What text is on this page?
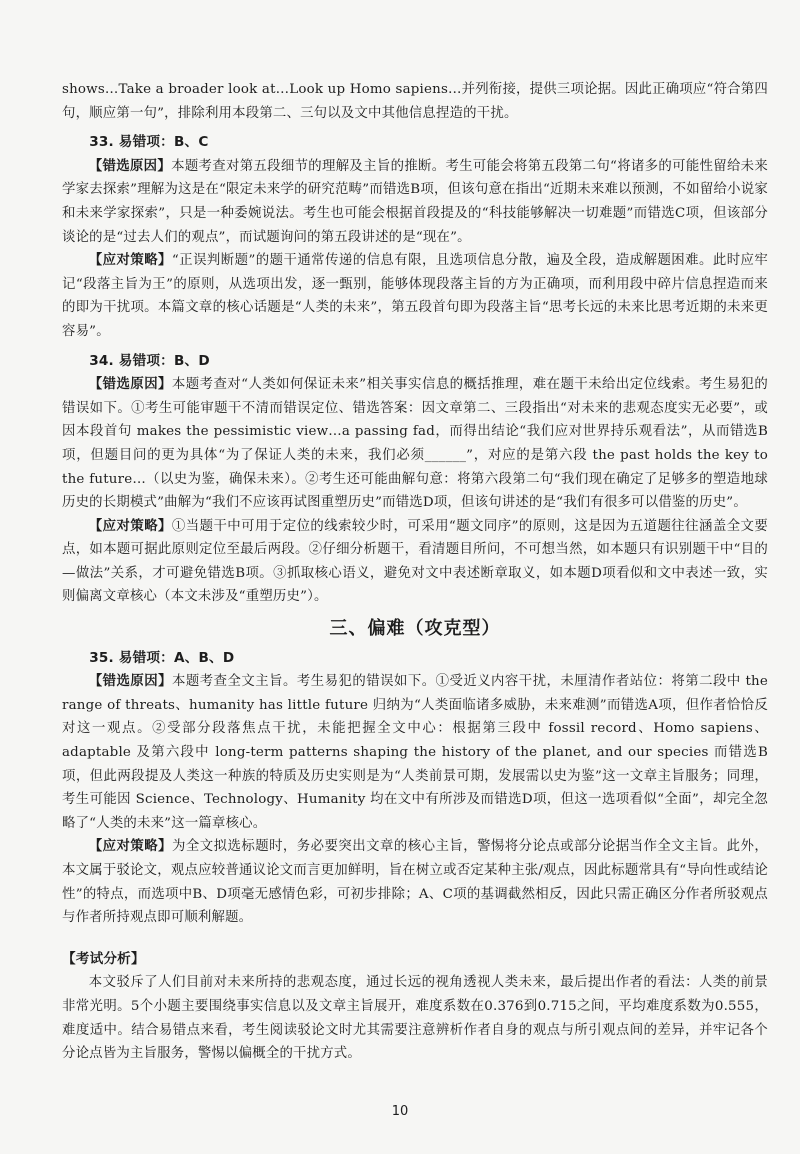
shows…Take a broader look at…Look up Homo sapiens…并列衔接，提供三项论据。因此正确项应“符合第四句，顺应第一句”，排除利用本段第二、三句以及文中其他信息捏造的干扰。

33. 易错项：B、C

【错选原因】本题考查对第五段细节的理解及主旨的推断。考生可能会将第五段第二句“将诸多的可能性留给未来学家去探索”理解为这是在“限定未来学的研究范畴”而错选B项，但该句意在指出“近期未来难以预测，不如留给小说家和未来学家探索”，只是一种委婉说法。考生也可能会根据首段提及的“科技能够解决一切难题”而错选C项，但该部分谈论的是“过去人们的观点”，而试题询问的第五段讲述的是“现在”。

【应对策略】“正误判断题”的题干通常传递的信息有限，且选项信息分散，遍及全段，造成解题困难。此时应牢记“段落主旨为王”的原则，从选项出发，逐一甄别，能够体现段落主旨的方为正确项，而利用段中碎片信息捏造而来的即为干扰项。本篇文章的核心话题是“人类的未来”，第五段首句即为段落主旨“思考长远的未来比思考近期的未来更容易”。

34. 易错项：B、D

【错选原因】本题考查对“人类如何保证未来”相关事实信息的概括推理，难在题干未给出定位线索。考生易犯的错误如下。①考生可能审题干不清而错误定位、错选答案：因文章第二、三段指出“对未来的悲观态度实无必要”，或因本段首句 makes the pessimistic view…a passing fad，而得出结论“我们应对世界持乐观看法”，从而错选B项，但题目问的更为具体“为了保证人类的未来，我们必须______”，对应的是第六段 the past holds the key to the future…（以史为鉴，确保未来）。②考生还可能曲解句意：将第六段第二句“我们现在确定了足够多的塑造地球历史的长期模式”曲解为“我们不应该再试图重塑历史”而错选D项，但该句讲述的是“我们有很多可以借鉴的历史”。

【应对策略】①当题干中可用于定位的线索较少时，可采用“题文同序”的原则，这是因为五道题往往涵盖全文要点，如本题可据此原则定位至最后两段。②仔细分析题干，看清题目所问，不可想当然，如本题只有识别题干中“目的—做法”关系，才可避免错选B项。③抓取核心语义，避免对文中表述断章取义，如本题D项看似和文中表述一致，实则偏离文章核心（本文未涉及“重塑历史”）。

三、偏难（攻克型）
35. 易错项：A、B、D

【错选原因】本题考查全文主旨。考生易犯的错误如下。①受近义内容干扰，未厘清作者站位：将第二段中 the range of threats、humanity has little future 归纳为“人类面临诸多威胁，未来难测”而错选A项，但作者恰恰反对这一观点。②受部分段落焦点干扰，未能把握全文中心：根据第三段中 fossil record、Homo sapiens、adaptable 及第六段中 long-term patterns shaping the history of the planet, and our species 而错选B项，但此两段提及人类这一种族的特质及历史实则是为“人类前景可期，发展需以史为鉴”这一文章主旨服务；同理，考生可能因 Science、Technology、Humanity 均在文中有所涉及而错选D项，但这一选项看似“全面”，却完全忽略了“人类的未来”这一篇章核心。

【应对策略】为全文拟选标题时，务必要突出文章的核心主旨，警惕将分论点或部分论据当作全文主旨。此外，本文属于驳论文，观点应较普通议论文而言更加鲜明，旨在树立或否定某种主张/观点，因此标题常具有“导向性或结论性”的特点，而选项中B、D项毫无感情色彩，可初步排除；A、C项的基调截然相反，因此只需正确区分作者所驳观点与作者所持观点即可顺利解题。

【考试分析】

本文驳斥了人们目前对未来所持的悲观态度，通过长远的视角透视人类未来，最后提出作者的看法：人类的前景非常光明。5个小题主要围绕事实信息以及文章主旨展开，难度系数在0.376到0.715之间，平均难度系数为0.555，难度适中。结合易错点来看，考生阅读驳论文时尤其需要注意辨析作者自身的观点与所引观点间的差异，并牢记各个分论点皆为主旨服务，警惕以偏概全的干扰方式。

10
